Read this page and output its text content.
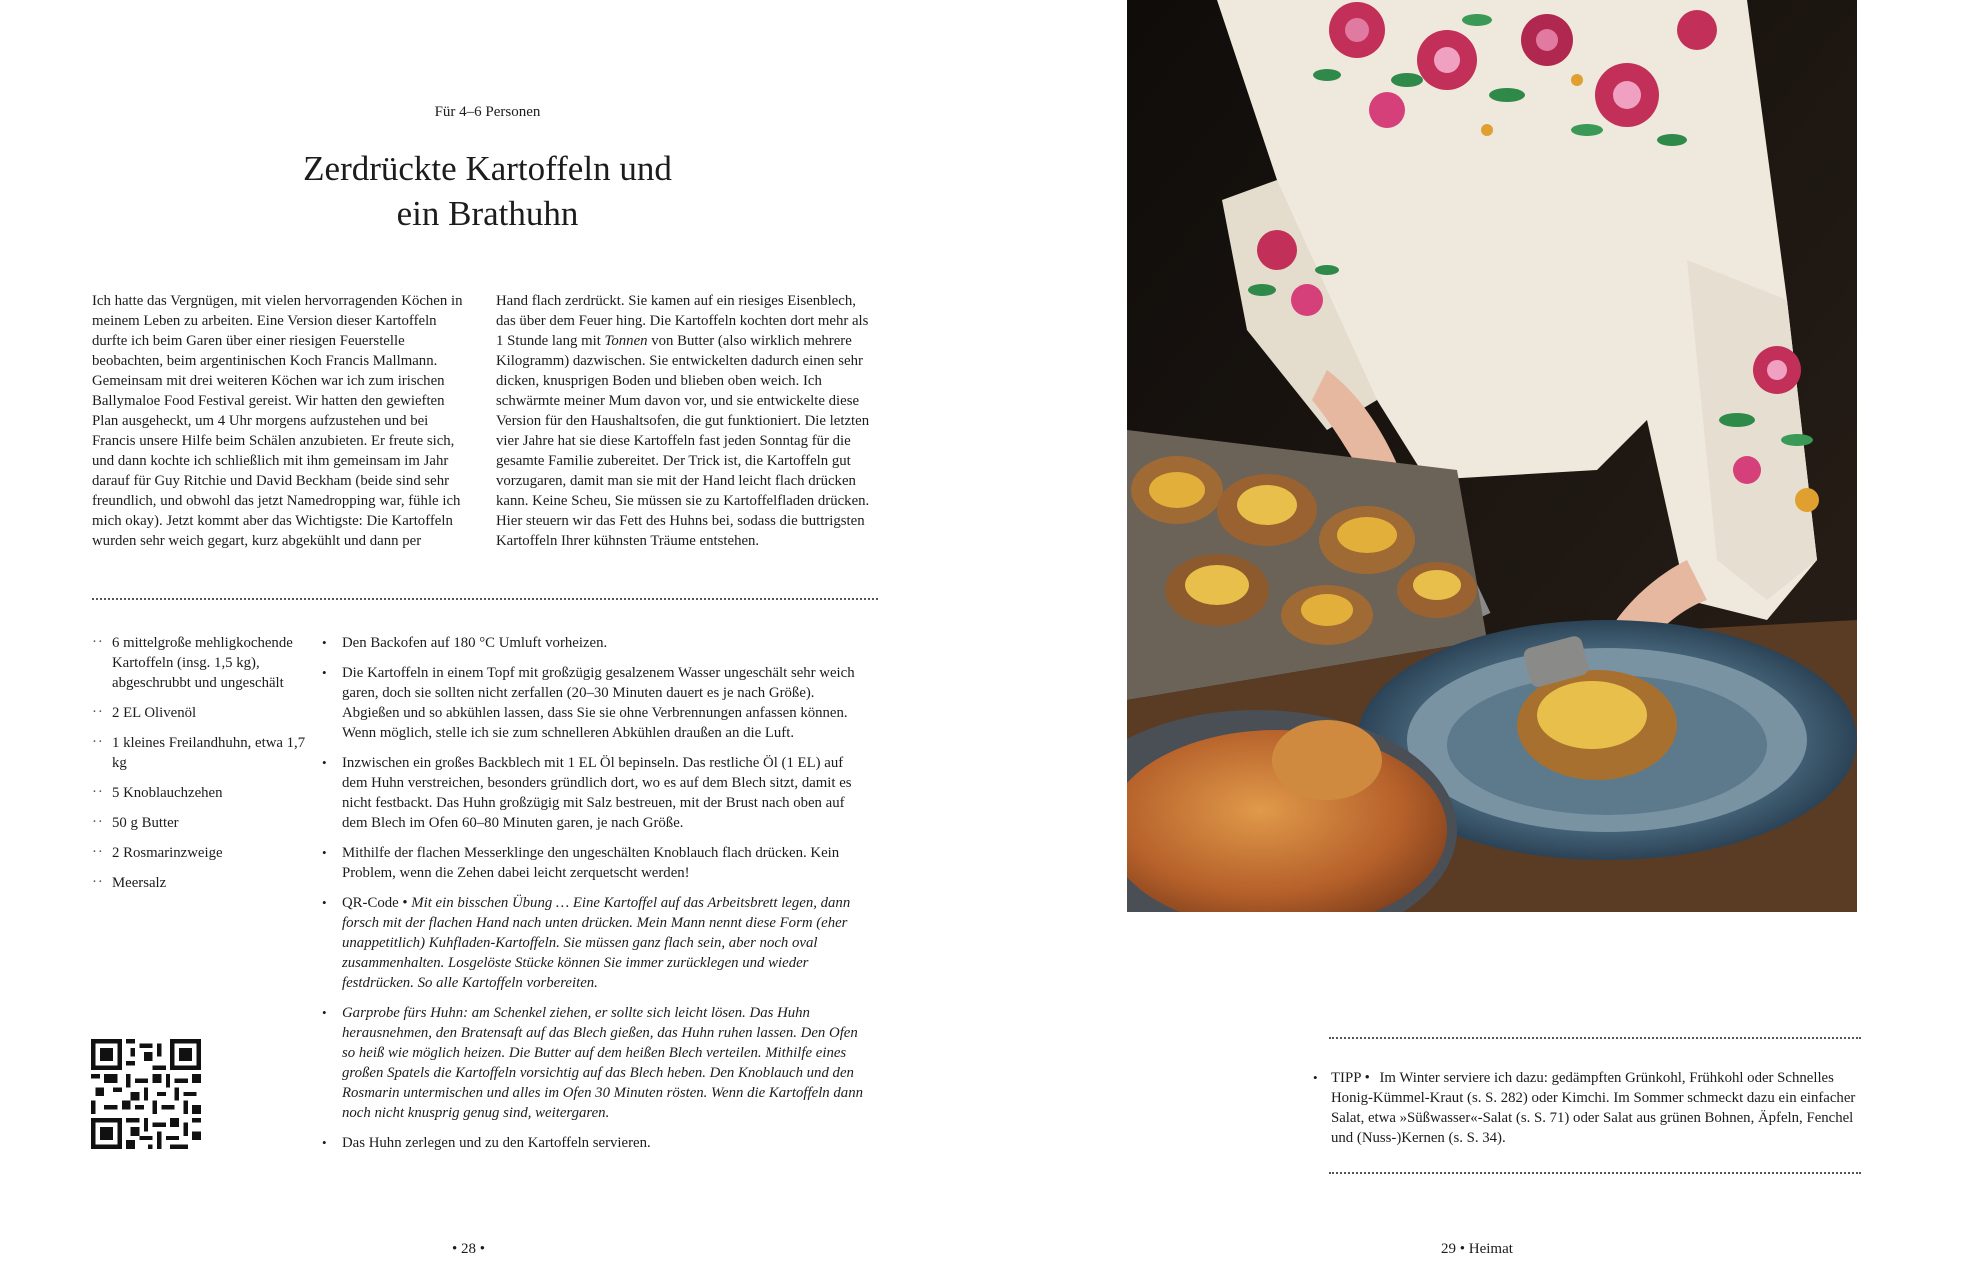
Für 4–6 Personen
Zerdrückte Kartoffeln und
ein Brathuhn

Ich hatte das Vergnügen, mit vielen hervorragenden Köchen in meinem Leben zu arbeiten. Eine Version dieser Kartoffeln durfte ich beim Garen über einer riesigen Feuerstelle beobachten, beim argentinischen Koch Francis Mallmann. Gemeinsam mit drei weiteren Köchen war ich zum irischen Ballymaloe Food Festival gereist. Wir hatten den gewieften Plan ausgeheckt, um 4 Uhr morgens aufzustehen und bei Francis unsere Hilfe beim Schälen anzubieten. Er freute sich, und dann kochte ich schließlich mit ihm gemeinsam im Jahr darauf für Guy Ritchie und David Beckham (beide sind sehr freundlich, und obwohl das jetzt Namedropping war, fühle ich mich okay). Jetzt kommt aber das Wichtigste: Die Kartoffeln wurden sehr weich gegart, kurz abgekühlt und dann per

Hand flach zerdrückt. Sie kamen auf ein riesiges Eisenblech, das über dem Feuer hing. Die Kartoffeln kochten dort mehr als 1 Stunde lang mit Tonnen von Butter (also wirklich mehrere Kilogramm) dazwischen. Sie entwickelten dadurch einen sehr dicken, knusprigen Boden und blieben oben weich. Ich schwärmte meiner Mum davon vor, und sie entwickelte diese Version für den Haushaltsofen, die gut funktioniert. Die letzten vier Jahre hat sie diese Kartoffeln fast jeden Sonntag für die gesamte Familie zubereitet. Der Trick ist, die Kartoffeln gut vorzugaren, damit man sie mit der Hand leicht flach drücken kann. Keine Scheu, Sie müssen sie zu Kartoffelfladen drücken. Hier steuern wir das Fett des Huhns bei, sodass die buttrigsten Kartoffeln Ihrer kühnsten Träume entstehen.

·· 6 mittelgroße mehligkochende Kartoffeln (insg. 1,5 kg), abgeschrubbt und ungeschält
·· 2 EL Olivenöl
·· 1 kleines Freilandhuhn, etwa 1,7 kg
·· 5 Knoblauchzehen
·· 50 g Butter
·· 2 Rosmarinzweige
·· Meersalz
• Den Backofen auf 180 °C Umluft vorheizen.
• Die Kartoffeln in einem Topf mit großzügig gesalzenem Wasser ungeschält sehr weich garen, doch sie sollten nicht zerfallen (20–30 Minuten dauert es je nach Größe). Abgießen und so abkühlen lassen, dass Sie sie ohne Verbrennungen anfassen können. Wenn möglich, stelle ich sie zum schnelleren Abkühlen draußen an die Luft.
• Inzwischen ein großes Backblech mit 1 EL Öl bepinseln. Das restliche Öl (1 EL) auf dem Huhn verstreichen, besonders gründlich dort, wo es auf dem Blech sitzt, damit es nicht festbackt. Das Huhn großzügig mit Salz bestreuen, mit der Brust nach oben auf dem Blech im Ofen 60–80 Minuten garen, je nach Größe.
• Mithilfe der flachen Messerklinge den ungeschälten Knoblauch flach drücken. Kein Problem, wenn die Zehen dabei leicht zerquetscht werden!
• QR-Code • Mit ein bisschen Übung … Eine Kartoffel auf das Arbeitsbrett legen, dann forsch mit der flachen Hand nach unten drücken. Mein Mann nennt diese Form (eher unappetitlich) Kuhfladen-Kartoffeln. Sie müssen ganz flach sein, aber noch oval zusammenhalten. Losgelöste Stücke können Sie immer zurücklegen und wieder festdrücken. So alle Kartoffeln vorbereiten.
• Garprobe fürs Huhn: am Schenkel ziehen, er sollte sich leicht lösen. Das Huhn herausnehmen, den Bratensaft auf das Blech gießen, das Huhn ruhen lassen. Den Ofen so heiß wie möglich heizen. Die Butter auf dem heißen Blech verteilen. Mithilfe eines großen Spatels die Kartoffeln vorsichtig auf das Blech heben. Den Knoblauch und den Rosmarin untermischen und alles im Ofen 30 Minuten rösten. Wenn die Kartoffeln dann noch nicht knusprig genug sind, weitergaren.
• Das Huhn zerlegen und zu den Kartoffeln servieren.
• 28 •
• TIPP • Im Winter serviere ich dazu: gedämpften Grünkohl, Frühkohl oder Schnelles Honig-Kümmel-Kraut (s. S. 282) oder Kimchi. Im Sommer schmeckt dazu ein einfacher Salat, etwa »Süßwasser«-Salat (s. S. 71) oder Salat aus grünen Bohnen, Äpfeln, Fenchel und (Nuss-)Kernen (s. S. 34).
29 • Heimat
